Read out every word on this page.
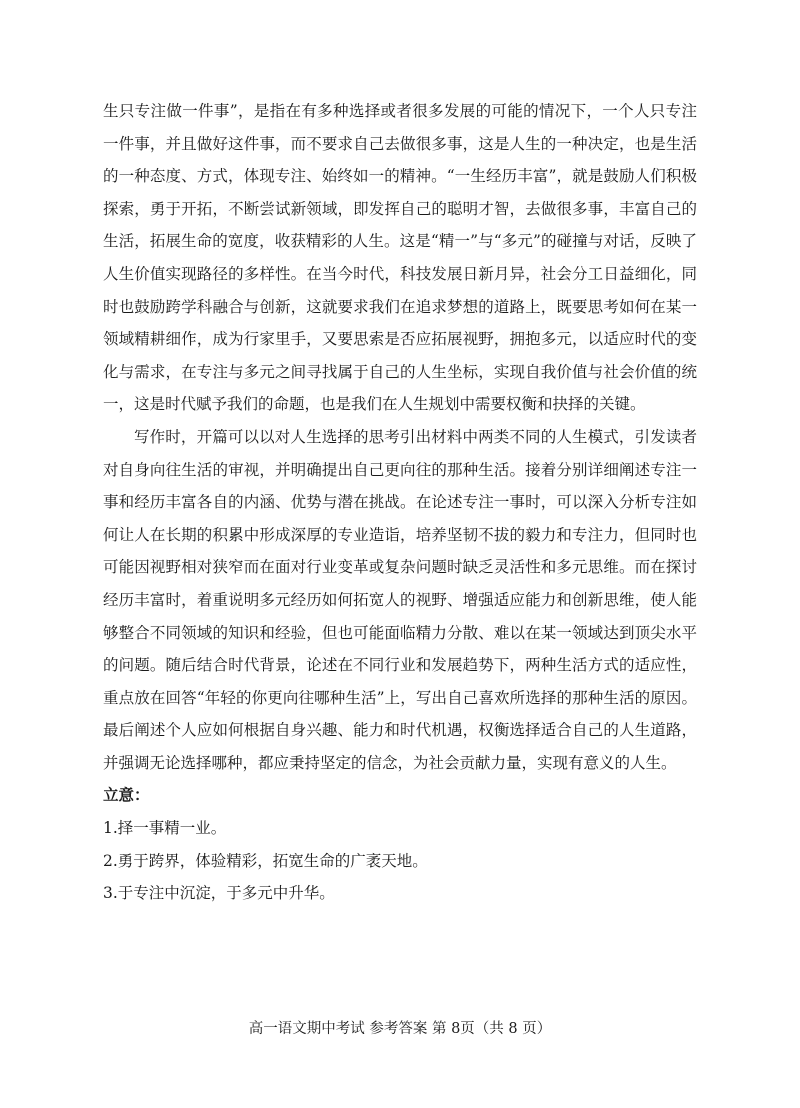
生只专注做一件事”，是指在有多种选择或者很多发展的可能的情况下，一个人只专注一件事，并且做好这件事，而不要求自己去做很多事，这是人生的一种决定，也是生活的一种态度、方式，体现专注、始终如一的精神。“一生经历丰富”，就是鼓励人们积极探索，勇于开拓，不断尝试新领域，即发挥自己的聪明才智，去做很多事，丰富自己的生活，拓展生命的宽度，收获精彩的人生。这是“精一”与“多元”的碰撞与对话，反映了人生价值实现路径的多样性。在当今时代，科技发展日新月异，社会分工日益细化，同时也鼓励跨学科融合与创新，这就要求我们在追求梦想的道路上，既要思考如何在某一领域精耕细作，成为行家里手，又要思索是否应拓展视野，拥抱多元，以适应时代的变化与需求，在专注与多元之间寻找属于自己的人生坐标，实现自我价值与社会价值的统一，这是时代赋予我们的命题，也是我们在人生规划中需要权衡和抉择的关键。

写作时，开篇可以以对人生选择的思考引出材料中两类不同的人生模式，引发读者对自身向往生活的审视，并明确提出自己更向往的那种生活。接着分别详细阐述专注一事和经历丰富各自的内涵、优势与潜在挑战。在论述专注一事时，可以深入分析专注如何让人在长期的积累中形成深厚的专业造诣，培养坚韧不拔的毅力和专注力，但同时也可能因视野相对狭窄而在面对行业变革或复杂问题时缺乏灵活性和多元思维。而在探讨经历丰富时，着重说明多元经历如何拓宽人的视野、增强适应能力和创新思维，使人能够整合不同领域的知识和经验，但也可能面临精力分散、难以在某一领域达到顶尖水平的问题。随后结合时代背景，论述在不同行业和发展趋势下，两种生活方式的适应性，重点放在回答“年轻的你更向往哪种生活”上，写出自己喜欢所选择的那种生活的原因。最后阐述个人应如何根据自身兴趣、能力和时代机遇，权衡选择适合自己的人生道路，并强调无论选择哪种，都应秉持坚定的信念，为社会贡献力量，实现有意义的人生。

立意：

1.择一事精一业。

2.勇于跨界，体验精彩，拓宽生命的广袤天地。

3.于专注中沉淀，于多元中升华。

高一语文期中考试 参考答案 第 8页（共 8 页）
